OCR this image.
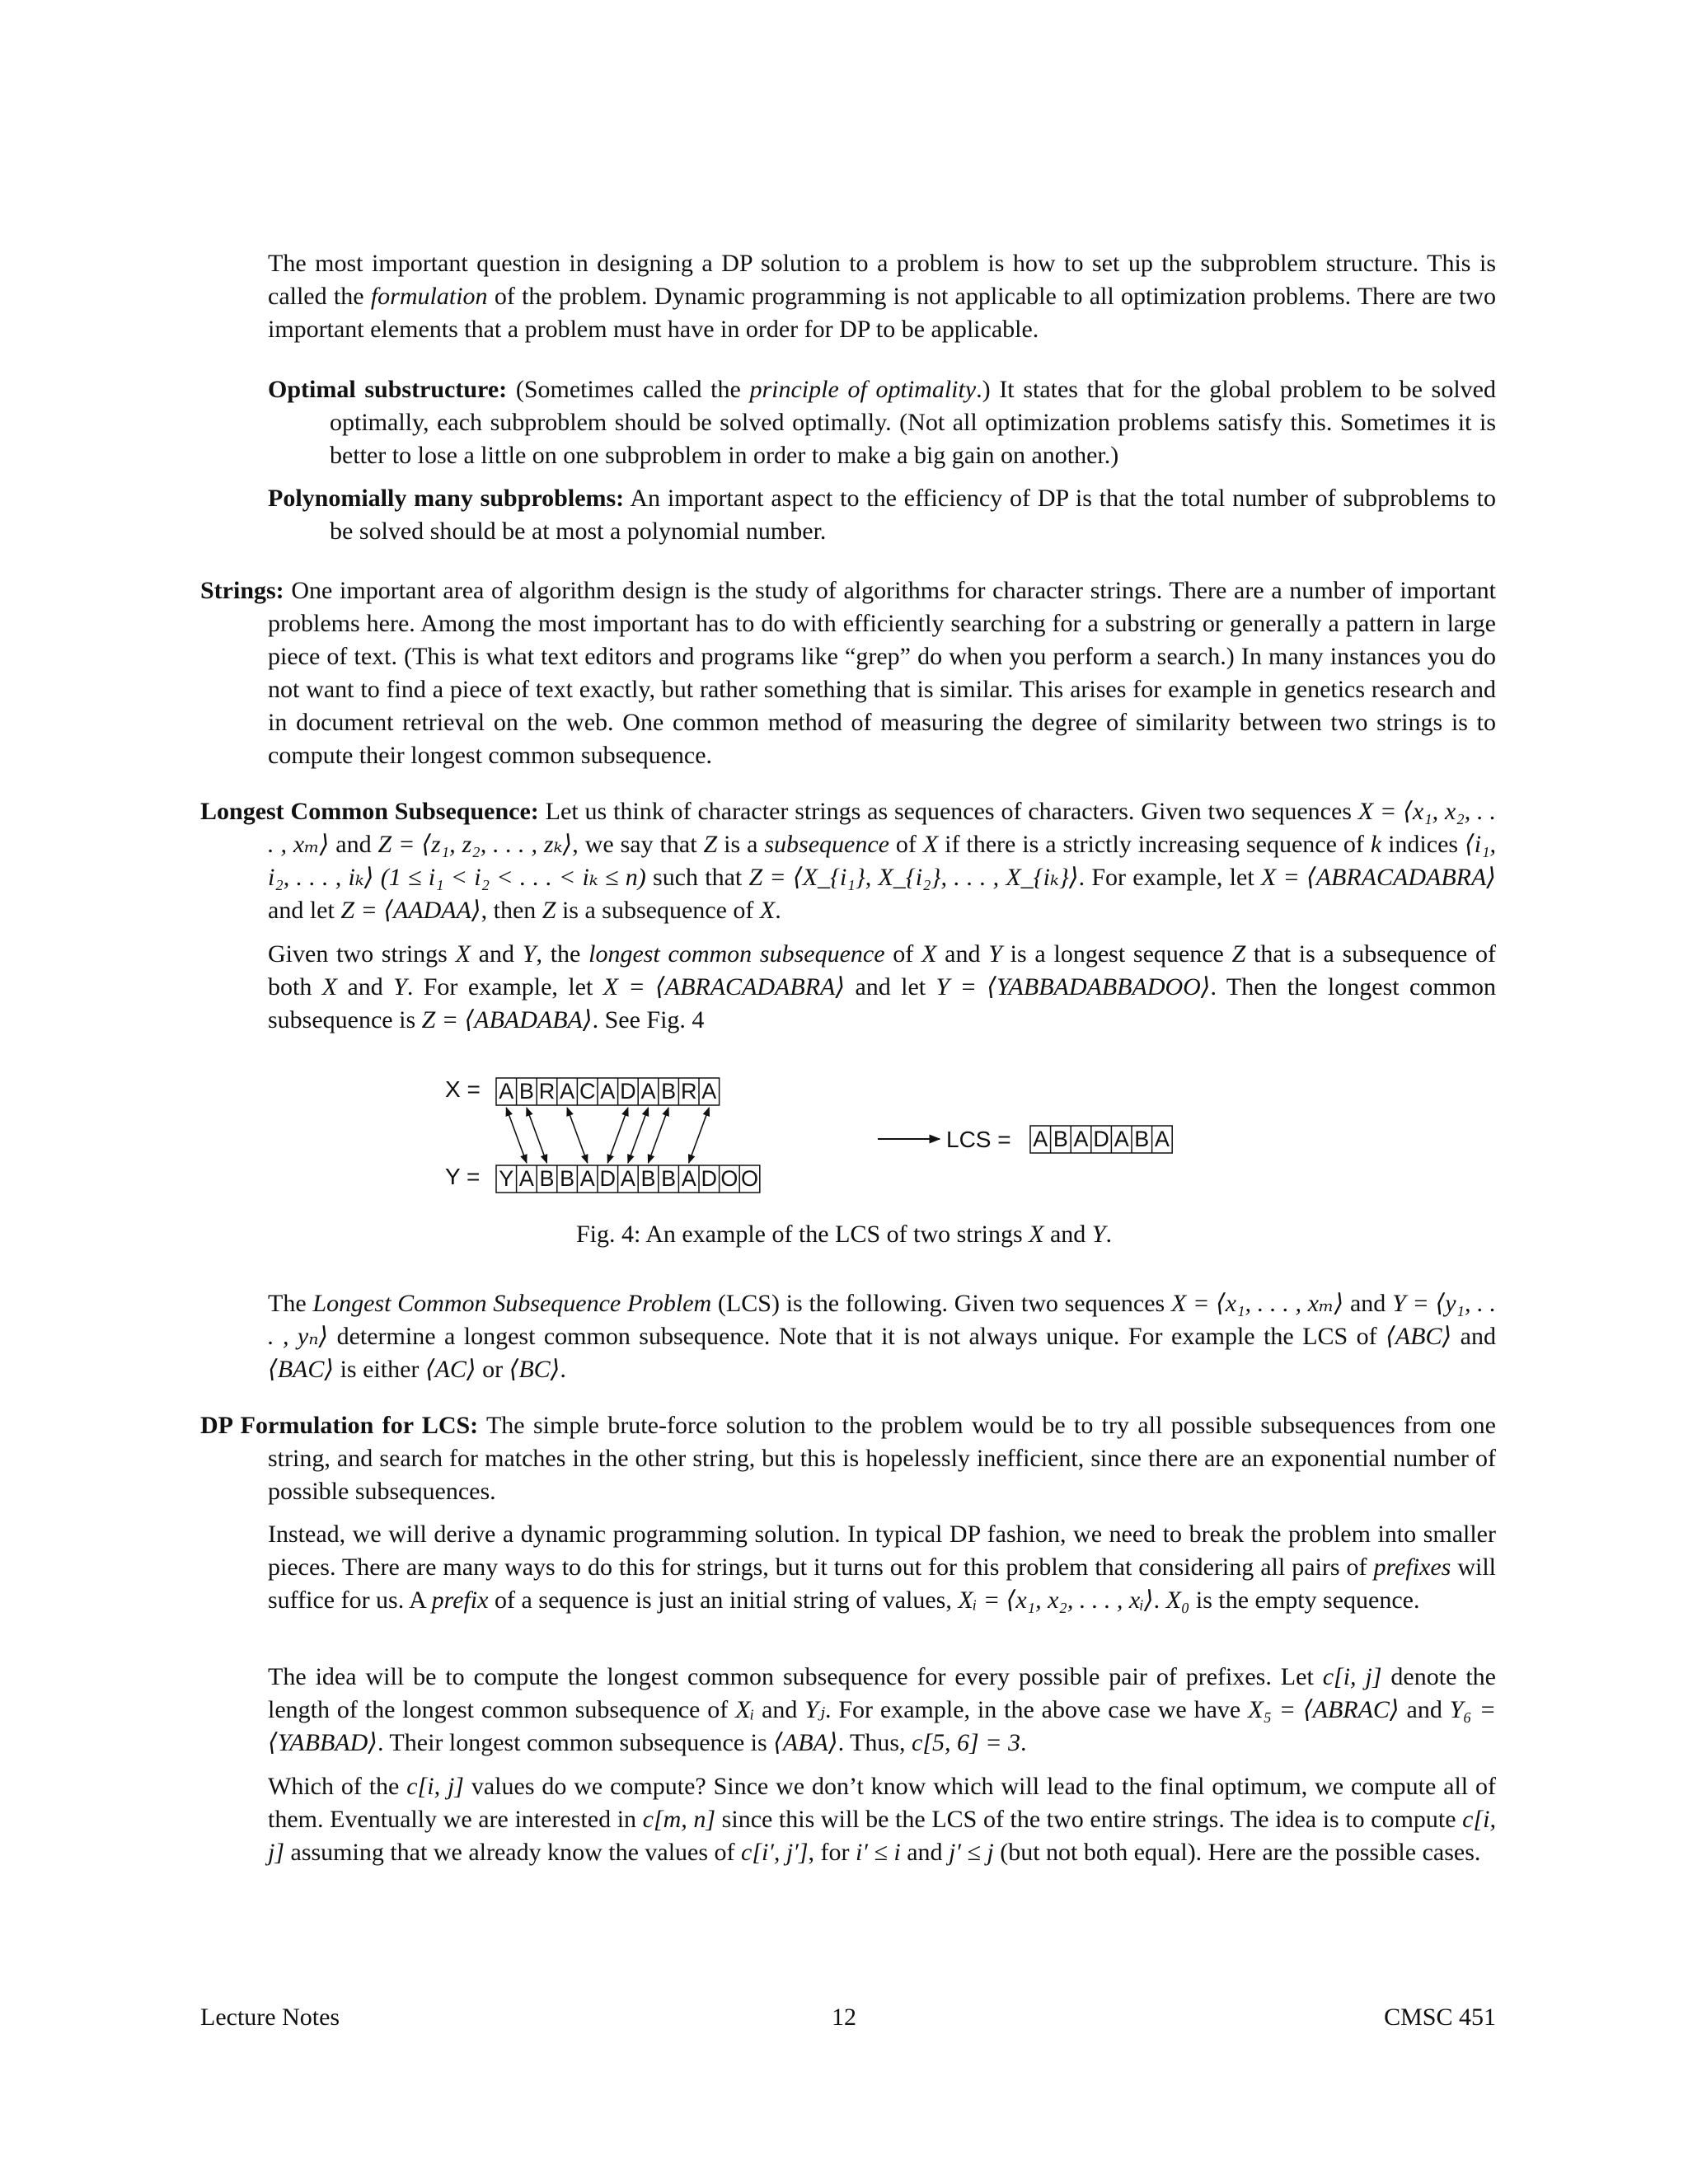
The most important question in designing a DP solution to a problem is how to set up the subproblem structure. This is called the formulation of the problem. Dynamic programming is not applicable to all optimization problems. There are two important elements that a problem must have in order for DP to be applicable.

Optimal substructure: (Sometimes called the principle of optimality.) It states that for the global problem to be solved optimally, each subproblem should be solved optimally. (Not all optimization problems satisfy this. Sometimes it is better to lose a little on one subproblem in order to make a big gain on another.)

Polynomially many subproblems: An important aspect to the efficiency of DP is that the total number of subproblems to be solved should be at most a polynomial number.

Strings: One important area of algorithm design is the study of algorithms for character strings. There are a number of important problems here. Among the most important has to do with efficiently searching for a substring or generally a pattern in large piece of text. (This is what text editors and programs like “grep” do when you perform a search.) In many instances you do not want to find a piece of text exactly, but rather something that is similar. This arises for example in genetics research and in document retrieval on the web. One common method of measuring the degree of similarity between two strings is to compute their longest common subsequence.

Longest Common Subsequence: Let us think of character strings as sequences of characters. Given two sequences X = ⟨x₁, x₂, . . . , xₘ⟩ and Z = ⟨z₁, z₂, . . . , zₖ⟩, we say that Z is a subsequence of X if there is a strictly increasing sequence of k indices ⟨i₁, i₂, . . . , iₖ⟩ (1 ≤ i₁ < i₂ < . . . < iₖ ≤ n) such that Z = ⟨X_{i₁}, X_{i₂}, . . . , X_{iₖ}⟩. For example, let X = ⟨ABRACADABRA⟩ and let Z = ⟨AADAA⟩, then Z is a subsequence of X.

Given two strings X and Y, the longest common subsequence of X and Y is a longest sequence Z that is a subsequence of both X and Y. For example, let X = ⟨ABRACADABRA⟩ and let Y = ⟨YABBADABBADOO⟩. Then the longest common subsequence is Z = ⟨ABADABA⟩. See Fig. 4

X =
Y =
A B R A C A D A B R A
Y A B B A D A B B A D O O
LCS = A B A D A B A

Fig. 4: An example of the LCS of two strings X and Y.

The Longest Common Subsequence Problem (LCS) is the following. Given two sequences X = ⟨x₁, . . . , xₘ⟩ and Y = ⟨y₁, . . . , yₙ⟩ determine a longest common subsequence. Note that it is not always unique. For example the LCS of ⟨ABC⟩ and ⟨BAC⟩ is either ⟨AC⟩ or ⟨BC⟩.

DP Formulation for LCS: The simple brute-force solution to the problem would be to try all possible subsequences from one string, and search for matches in the other string, but this is hopelessly inefficient, since there are an exponential number of possible subsequences.

Instead, we will derive a dynamic programming solution. In typical DP fashion, we need to break the problem into smaller pieces. There are many ways to do this for strings, but it turns out for this problem that considering all pairs of prefixes will suffice for us. A prefix of a sequence is just an initial string of values, Xᵢ = ⟨x₁, x₂, . . . , xᵢ⟩. X₀ is the empty sequence.

The idea will be to compute the longest common subsequence for every possible pair of prefixes. Let c[i, j] denote the length of the longest common subsequence of Xᵢ and Yⱼ. For example, in the above case we have X₅ = ⟨ABRAC⟩ and Y₆ = ⟨YABBAD⟩. Their longest common subsequence is ⟨ABA⟩. Thus, c[5, 6] = 3.

Which of the c[i, j] values do we compute? Since we don’t know which will lead to the final optimum, we compute all of them. Eventually we are interested in c[m, n] since this will be the LCS of the two entire strings. The idea is to compute c[i, j] assuming that we already know the values of c[i′, j′], for i′ ≤ i and j′ ≤ j (but not both equal). Here are the possible cases.

Lecture Notes	12	CMSC 451
